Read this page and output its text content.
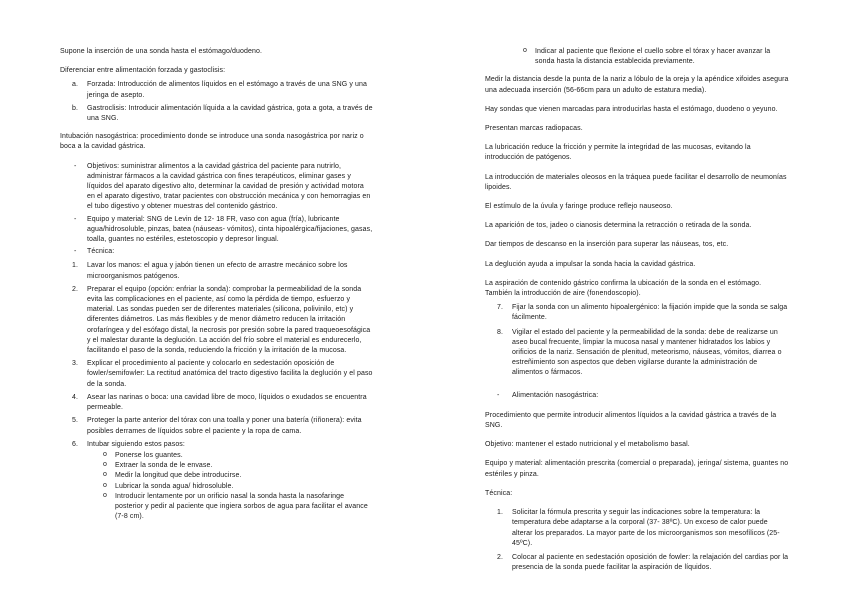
Supone la inserción de una sonda hasta el estómago/duodeno.

Diferenciar entre alimentación forzada y gastoclisis:

a. Forzada: Introducción de alimentos líquidos en el estómago a través de una SNG y una jeringa de asepto.
b. Gastroclisis: Introducir alimentación líquida a la cavidad gástrica, gota a gota, a través de una SNG.

Intubación nasogástrica: procedimiento donde se introduce una sonda nasogástrica por nariz o boca a la cavidad gástrica.

- Objetivos: suministrar alimentos a la cavidad gástrica del paciente para nutrirlo, administrar fármacos a la cavidad gástrica con fines terapéuticos, eliminar gases y líquidos del aparato digestivo alto, determinar la cavidad de presión y actividad motora en el aparato digestivo, tratar pacientes con obstrucción mecánica y con hemorragias en el tubo digestivo y obtener muestras del contenido gástrico.
- Equipo y material: SNG de Levin de 12- 18 FR, vaso con agua (fría), lubricante agua/hidrosoluble, pinzas, batea (náuseas- vómitos), cinta hipoalérgica/fijaciones, gasas, toalla, guantes no estériles, estetoscopio y depresor lingual.
- Técnica:
1. Lavar los manos: el agua y jabón tienen un efecto de arrastre mecánico sobre los microorganismos patógenos.
2. Preparar el equipo (opción: enfriar la sonda): comprobar la permeabilidad de la sonda evita las complicaciones en el paciente, así como la pérdida de tiempo, esfuerzo y material. Las sondas pueden ser de diferentes materiales (silicona, polivinilo, etc) y diferentes diámetros. Las más flexibles y de menor diámetro reducen la irritación orofaríngea y del esófago distal, la necrosis por presión sobre la pared traqueoesofágica y el malestar durante la deglución. La acción del frío sobre el material es endurecerlo, facilitando el paso de la sonda, reduciendo la fricción y la irritación de la mucosa.
3. Explicar el procedimiento al paciente y colocarlo en sedestación oposición de fowler/semifowler: La rectitud anatómica del tracto digestivo facilita la deglución y el paso de la sonda.
4. Asear las narinas o boca: una cavidad libre de moco, líquidos o exudados se encuentra permeable.
5. Proteger la parte anterior del tórax con una toalla y poner una batería (riñonera): evita posibles derrames de líquidos sobre el paciente y la ropa de cama.
6. Intubar siguiendo estos pasos:
o Ponerse los guantes.
o Extraer la sonda de le envase.
o Medir la longitud que debe introducirse.
o Lubricar la sonda agua/ hidrosoluble.
o Introducir lentamente por un orificio nasal la sonda hasta la nasofaringe posterior y pedir al paciente que ingiera sorbos de agua para facilitar el avance (7-8 cm).
o Indicar al paciente que flexione el cuello sobre el tórax y hacer avanzar la sonda hasta la distancia establecida previamente.

Medir la distancia desde la punta de la nariz a lóbulo de la oreja y la apéndice xifoides asegura una adecuada inserción (56-66cm para un adulto de estatura media).

Hay sondas que vienen marcadas para introducirlas hasta el estómago, duodeno o yeyuno.

Presentan marcas radiopacas.

La lubricación reduce la fricción y permite la integridad de las mucosas, evitando la introducción de patógenos.

La introducción de materiales oleosos en la tráquea puede facilitar el desarrollo de neumonías lipoides.

El estímulo de la úvula y faringe produce reflejo nauseoso.

La aparición de tos, jadeo o cianosis determina la retracción o retirada de la sonda.

Dar tiempos de descanso en la inserción para superar las náuseas, tos, etc.

La deglución ayuda a impulsar la sonda hacia la cavidad gástrica.

La aspiración de contenido gástrico confirma la ubicación de la sonda en el estómago.
También la introducción de aire (fonendoscopio).

7. Fijar la sonda con un alimento hipoalergénico: la fijación impide que la sonda se salga fácilmente.
8. Vigilar el estado del paciente y la permeabilidad de la sonda: debe de realizarse un aseo bucal frecuente, limpiar la mucosa nasal y mantener hidratados los labios y orificios de la nariz. Sensación de plenitud, meteorismo, náuseas, vómitos, diarrea o estreñimiento son aspectos que deben vigilarse durante la administración de alimentos o fármacos.
- Alimentación nasogástrica:

Procedimiento que permite introducir alimentos líquidos a la cavidad gástrica a través de la SNG.

Objetivo: mantener el estado nutricional y el metabolismo basal.

Equipo y material: alimentación prescrita (comercial o preparada), jeringa/ sistema, guantes no estériles y pinza.

Técnica:

1. Solicitar la fórmula prescrita y seguir las indicaciones sobre la temperatura: la temperatura debe adaptarse a la corporal (37- 38ºC). Un exceso de calor puede alterar los preparados. La mayor parte de los microorganismos son mesofílicos (25- 45ºC).
2. Colocar al paciente en sedestación oposición de fowler: la relajación del cardias por la presencia de la sonda puede facilitar la aspiración de líquidos.
